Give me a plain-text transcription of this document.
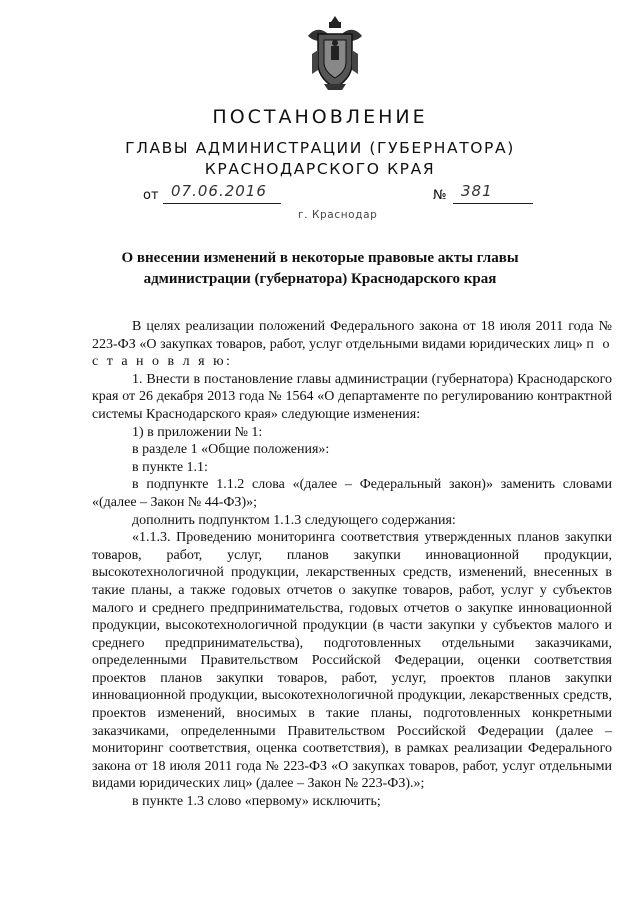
ПОСТАНОВЛЕНИЕ
ГЛАВЫ АДМИНИСТРАЦИИ (ГУБЕРНАТОРА)
КРАСНОДАРСКОГО КРАЯ
от 07.06.2016	№ 381
г. Краснодар
О внесении изменений в некоторые правовые акты главы администрации (губернатора) Краснодарского края

В целях реализации положений Федерального закона от 18 июля 2011 года № 223-ФЗ «О закупках товаров, работ, услуг отдельными видами юридических лиц» п о с т а н о в л я ю:

1. Внести в постановление главы администрации (губернатора) Краснодарского края от 26 декабря 2013 года № 1564 «О департаменте по регулированию контрактной системы Краснодарского края» следующие изменения:

1) в приложении № 1:

в разделе 1 «Общие положения»:

в пункте 1.1:

в подпункте 1.1.2 слова «(далее – Федеральный закон)» заменить словами «(далее – Закон № 44-ФЗ)»;

дополнить подпунктом 1.1.3 следующего содержания:

«1.1.3. Проведению мониторинга соответствия утвержденных планов закупки товаров, работ, услуг, планов закупки инновационной продукции, высокотехнологичной продукции, лекарственных средств, изменений, внесенных в такие планы, а также годовых отчетов о закупке товаров, работ, услуг у субъектов малого и среднего предпринимательства, годовых отчетов о закупке инновационной продукции, высокотехнологичной продукции (в части закупки у субъектов малого и среднего предпринимательства), подготовленных отдельными заказчиками, определенными Правительством Российской Федерации, оценки соответствия проектов планов закупки товаров, работ, услуг, проектов планов закупки инновационной продукции, высокотехнологичной продукции, лекарственных средств, проектов изменений, вносимых в такие планы, подготовленных конкретными заказчиками, определенными Правительством Российской Федерации (далее – мониторинг соответствия, оценка соответствия), в рамках реализации Федерального закона от 18 июля 2011 года № 223-ФЗ «О закупках товаров, работ, услуг отдельными видами юридических лиц» (далее – Закон № 223-ФЗ).»;

в пункте 1.3 слово «первому» исключить;
